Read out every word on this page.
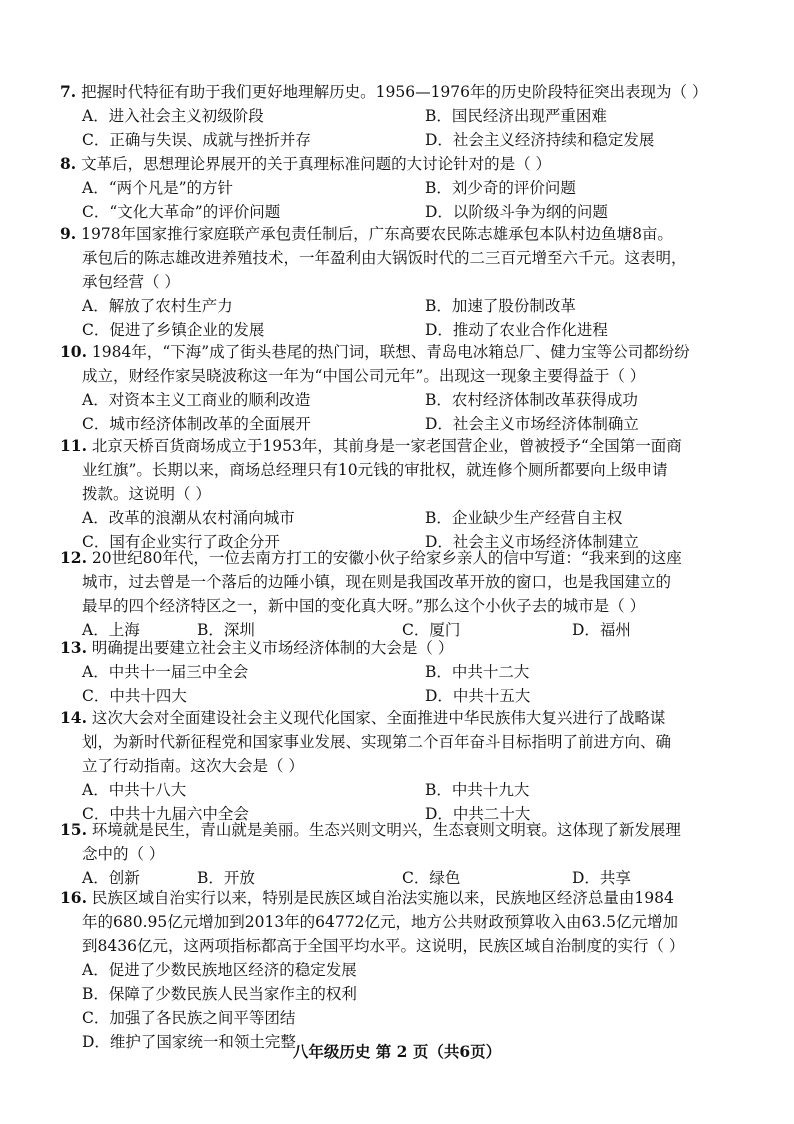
7. 把握时代特征有助于我们更好地理解历史。1956—1976年的历史阶段特征突出表现为（ ）

A．进入社会主义初级阶段	B．国民经济出现严重困难
C．正确与失误、成就与挫折并存	D．社会主义经济持续和稳定发展

8. 文革后，思想理论界展开的关于真理标准问题的大讨论针对的是（ ）

A．“两个凡是”的方针	B．刘少奇的评价问题
C．“文化大革命”的评价问题	D．以阶级斗争为纲的问题

9. 1978年国家推行家庭联产承包责任制后，广东高要农民陈志雄承包本队村边鱼塘8亩。
承包后的陈志雄改进养殖技术，一年盈利由大锅饭时代的二三百元增至六千元。这表明，
承包经营（ ）

A．解放了农村生产力	B．加速了股份制改革
C．促进了乡镇企业的发展	D．推动了农业合作化进程

10. 1984年，“下海”成了街头巷尾的热门词，联想、青岛电冰箱总厂、健力宝等公司都纷纷
成立，财经作家吴晓波称这一年为“中国公司元年”。出现这一现象主要得益于（ ）

A．对资本主义工商业的顺利改造	B．农村经济体制改革获得成功
C．城市经济体制改革的全面展开	D．社会主义市场经济体制确立

11. 北京天桥百货商场成立于1953年，其前身是一家老国营企业，曾被授予“全国第一面商
业红旗”。长期以来，商场总经理只有10元钱的审批权，就连修个厕所都要向上级申请
拨款。这说明（ ）

A．改革的浪潮从农村涌向城市	B．企业缺少生产经营自主权
C．国有企业实行了政企分开	D．社会主义市场经济体制建立

12. 20世纪80年代，一位去南方打工的安徽小伙子给家乡亲人的信中写道：“我来到的这座
城市，过去曾是一个落后的边陲小镇，现在则是我国改革开放的窗口，也是我国建立的
最早的四个经济特区之一，新中国的变化真大呀。”那么这个小伙子去的城市是（ ）

A．上海	B．深圳	C．厦门	D．福州

13. 明确提出要建立社会主义市场经济体制的大会是（ ）

A．中共十一届三中全会	B．中共十二大
C．中共十四大	D．中共十五大

14. 这次大会对全面建设社会主义现代化国家、全面推进中华民族伟大复兴进行了战略谋
划，为新时代新征程党和国家事业发展、实现第二个百年奋斗目标指明了前进方向、确
立了行动指南。这次大会是（ ）

A．中共十八大	B．中共十九大
C．中共十九届六中全会	D．中共二十大

15. 环境就是民生，青山就是美丽。生态兴则文明兴，生态衰则文明衰。这体现了新发展理
念中的（ ）

A．创新	B．开放	C．绿色	D．共享

16. 民族区域自治实行以来，特别是民族区域自治法实施以来，民族地区经济总量由1984
年的680.95亿元增加到2013年的64772亿元，地方公共财政预算收入由63.5亿元增加
到8436亿元，这两项指标都高于全国平均水平。这说明，民族区域自治制度的实行（ ）

A．促进了少数民族地区经济的稳定发展
B．保障了少数民族人民当家作主的权利
C．加强了各民族之间平等团结
D．维护了国家统一和领土完整
八年级历史 第 2 页（共6页）
